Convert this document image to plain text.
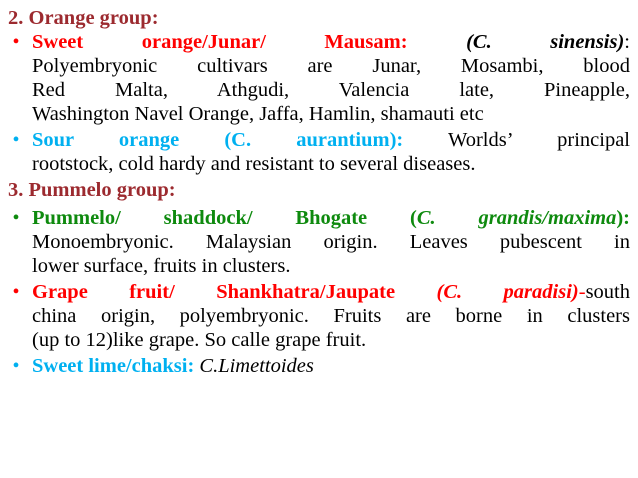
2. Orange group:
• Sweet orange/Junar/ Mausam:	(C. sinensis):
Polyembryonic cultivars are Junar, Mosambi, blood
Red Malta, Athgudi, Valencia late, Pineapple,
Washington Navel Orange, Jaffa, Hamlin, shamauti etc
• Sour orange (C. aurantium): Worlds’ principal
rootstock, cold hardy and resistant to several diseases.
3. Pummelo group:
• Pummelo/ shaddock/ Bhogate (C. grandis/maxima):
Monoembryonic. Malaysian origin. Leaves pubescent in
lower surface, fruits in clusters.
• Grape fruit/ Shankhatra/Jaupate (C. paradisi)-south
china origin, polyembryonic. Fruits are borne in clusters
(up to 12)like grape. So calle grape fruit.
• Sweet lime/chaksi: C.Limettoides
